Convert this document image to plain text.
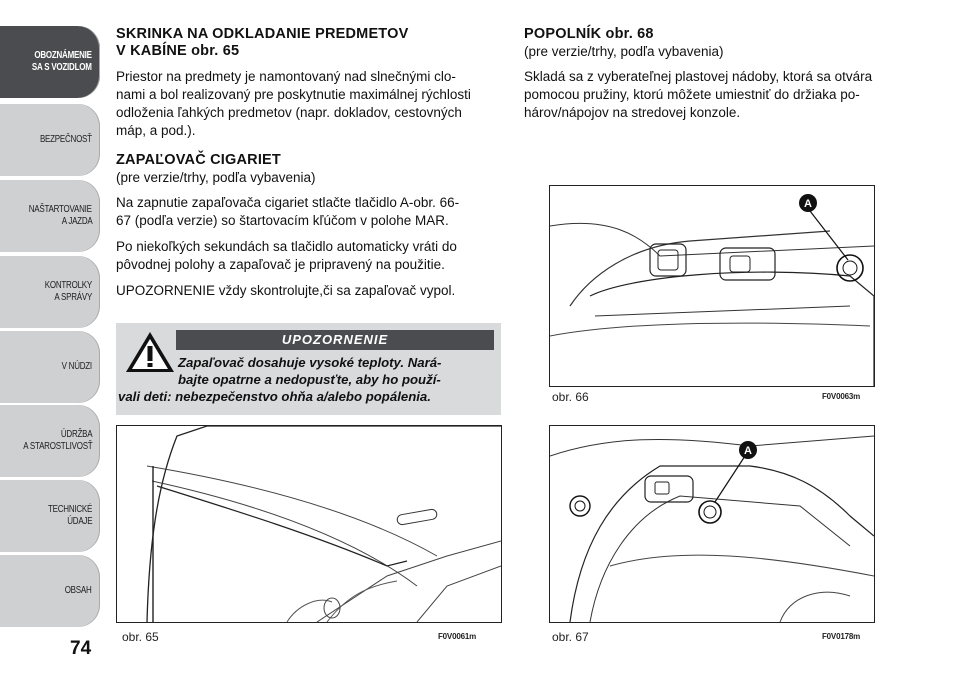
OBOZNÁMENIE
SA S VOZIDLOM
BEZPEČNOSŤ
NAŠTARTOVANIE
A JAZDA
KONTROLKY
A SPRÁVY
V NÚDZI
ÚDRŽBA
A STAROSTLIVOSŤ
TECHNICKÉ
ÚDAJE
OBSAH
74
SKRINKA NA ODKLADANIE PREDMETOV
V KABÍNE obr. 65

Priestor na predmety je namontovaný nad slnečnými clo-

nami a bol realizovaný pre poskytnutie maximálnej rýchlosti

odloženia ľahkých predmetov (napr. dokladov, cestovných

máp, a pod.).

ZAPAĽOVAČ CIGARIET

(pre verzie/trhy, podľa vybavenia)

Na zapnutie zapaľovača cigariet stlačte tlačidlo A-obr. 66-

67 (podľa verzie) so štartovacím kľúčom v polohe MAR.

Po niekoľkých sekundách sa tlačidlo automaticky vráti do

pôvodnej polohy a zapaľovač je pripravený na použitie.

UPOZORNENIE vždy skontrolujte,či sa zapaľovač vypol.

UPOZORNENIE
Zapaľovač dosahuje vysoké teploty. Nará-
bajte opatrne a nedopusťte, aby ho použí-
vali deti: nebezpečenstvo ohňa a/alebo popálenia.
POPOLNÍK obr. 68

(pre verzie/trhy, podľa vybavenia)

Skladá sa z vyberateľnej plastovej nádoby, ktorá sa otvára

pomocou pružiny, ktorú môžete umiestniť do držiaka po-

hárov/nápojov na stredovej konzole.

obr. 65	F0V0061m
A
obr. 66	F0V0063m
A
obr. 67	F0V0178m
